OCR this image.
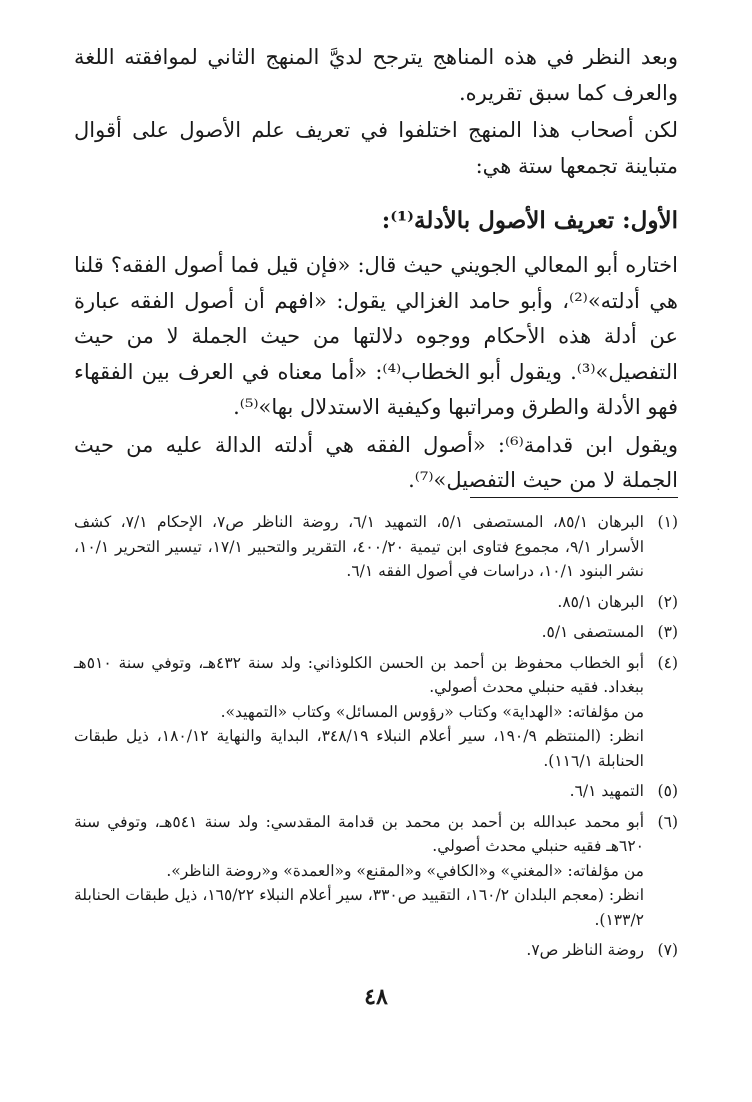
وبعد النظر في هذه المناهج يترجح لديَّ المنهج الثاني لموافقته اللغة والعرف كما سبق تقريره.

لكن أصحاب هذا المنهج اختلفوا في تعريف علم الأصول على أقوال متباينة تجمعها ستة هي:

الأول: تعريف الأصول بالأدلة⁽¹⁾:

اختاره أبو المعالي الجويني حيث قال: «فإن قيل فما أصول الفقه؟ قلنا هي أدلته»⁽²⁾، وأبو حامد الغزالي يقول: «افهم أن أصول الفقه عبارة عن أدلة هذه الأحكام ووجوه دلالتها من حيث الجملة لا من حيث التفصيل»⁽³⁾. ويقول أبو الخطاب⁽⁴⁾: «أما معناه في العرف بين الفقهاء فهو الأدلة والطرق ومراتبها وكيفية الاستدلال بها»⁽⁵⁾.

ويقول ابن قدامة⁽⁶⁾: «أصول الفقه هي أدلته الدالة عليه من حيث الجملة لا من حيث التفصيل»⁽⁷⁾.

(١)
البرهان ٨٥/١، المستصفى ٥/١، التمهيد ٦/١، روضة الناظر ص٧، الإحكام ٧/١، كشف الأسرار ٩/١، مجموع فتاوى ابن تيمية ٤٠٠/٢٠، التقرير والتحبير ١٧/١، تيسير التحرير ١٠/١، نشر البنود ١٠/١، دراسات في أصول الفقه ٦/١.
(٢)
البرهان ٨٥/١.
(٣)
المستصفى ٥/١.
(٤)
أبو الخطاب محفوظ بن أحمد بن الحسن الكلوذاني: ولد سنة ٤٣٢هـ، وتوفي سنة ٥١٠هـ ببغداد. فقيه حنبلي محدث أصولي.
من مؤلفاته: «الهداية» وكتاب «رؤوس المسائل» وكتاب «التمهيد».
انظر: (المنتظم ١٩٠/٩، سير أعلام النبلاء ٣٤٨/١٩، البداية والنهاية ١٨٠/١٢، ذيل طبقات الحنابلة ١١٦/١).
(٥)
التمهيد ٦/١.
(٦)
أبو محمد عبدالله بن أحمد بن محمد بن قدامة المقدسي: ولد سنة ٥٤١هـ، وتوفي سنة ٦٢٠هـ فقيه حنبلي محدث أصولي.
من مؤلفاته: «المغني» و«الكافي» و«المقنع» و«العمدة» و«روضة الناظر».
انظر: (معجم البلدان ١٦٠/٢، التقييد ص٣٣٠، سير أعلام النبلاء ١٦٥/٢٢، ذيل طبقات الحنابلة ١٣٣/٢).
(٧)
روضة الناظر ص٧.
٤٨
